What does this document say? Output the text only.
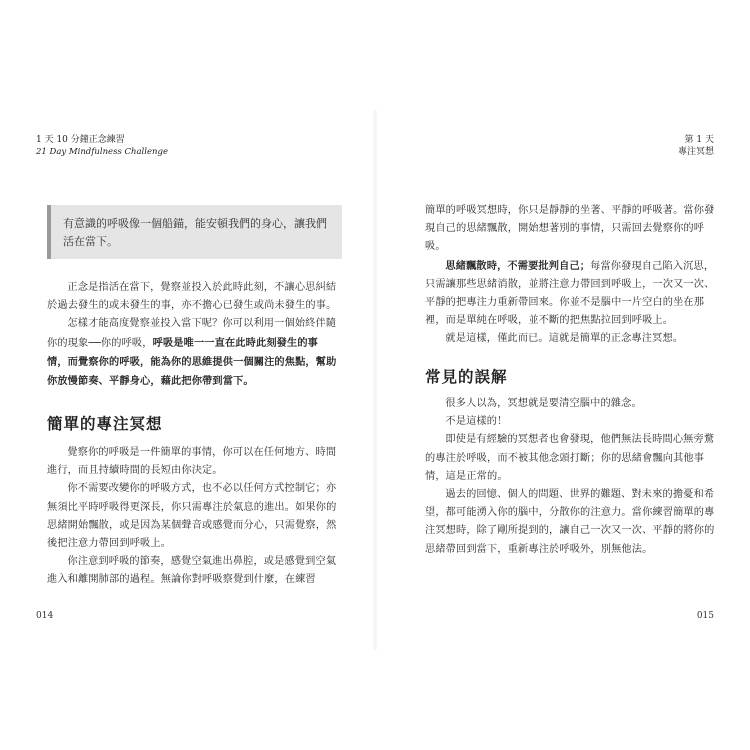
1 天 10 分鐘正念練習
21 Day Mindfulness Challenge
有意識的呼吸像一個船錨，能安頓我們的身心，讓我們活在當下。

正念是指活在當下，覺察並投入於此時此刻，不讓心思糾結於過去發生的或未發生的事，亦不擔心已發生或尚未發生的事。

怎樣才能高度覺察並投入當下呢？你可以利用一個始終伴隨你的現象──你的呼吸，呼吸是唯一一直在此時此刻發生的事情，而覺察你的呼吸，能為你的思維提供一個關注的焦點，幫助你放慢節奏、平靜身心，藉此把你帶到當下。

簡單的專注冥想

覺察你的呼吸是一件簡單的事情，你可以在任何地方、時間進行，而且持續時間的長短由你決定。

你不需要改變你的呼吸方式，也不必以任何方式控制它；亦無須比平時呼吸得更深長，你只需專注於氣息的進出。如果你的思緒開始飄散，或是因為某個聲音或感覺而分心，只需覺察，然後把注意力帶回到呼吸上。

你注意到呼吸的節奏，感覺空氣進出鼻腔，或是感覺到空氣進入和離開肺部的過程。無論你對呼吸察覺到什麼，在練習

014
第 1 天
專注冥想

簡單的呼吸冥想時，你只是靜靜的坐著、平靜的呼吸著。當你發現自己的思緒飄散，開始想著別的事情，只需回去覺察你的呼吸。

思緒飄散時，不需要批判自己；每當你發現自己陷入沉思，只需讓那些思緒消散，並將注意力帶回到呼吸上，一次又一次、平靜的把專注力重新帶回來。你並不是腦中一片空白的坐在那裡，而是單純在呼吸，並不斷的把焦點拉回到呼吸上。

就是這樣，僅此而已。這就是簡單的正念專注冥想。

常見的誤解

很多人以為，冥想就是要清空腦中的雜念。

不是這樣的！

即使是有經驗的冥想者也會發現，他們無法長時間心無旁騖的專注於呼吸，而不被其他念頭打斷；你的思緒會飄向其他事情，這是正常的。

過去的回憶、個人的問題、世界的難題、對未來的擔憂和希望，都可能湧入你的腦中，分散你的注意力。當你練習簡單的專注冥想時，除了剛所提到的，讓自己一次又一次、平靜的將你的思緒帶回到當下，重新專注於呼吸外，別無他法。

015
